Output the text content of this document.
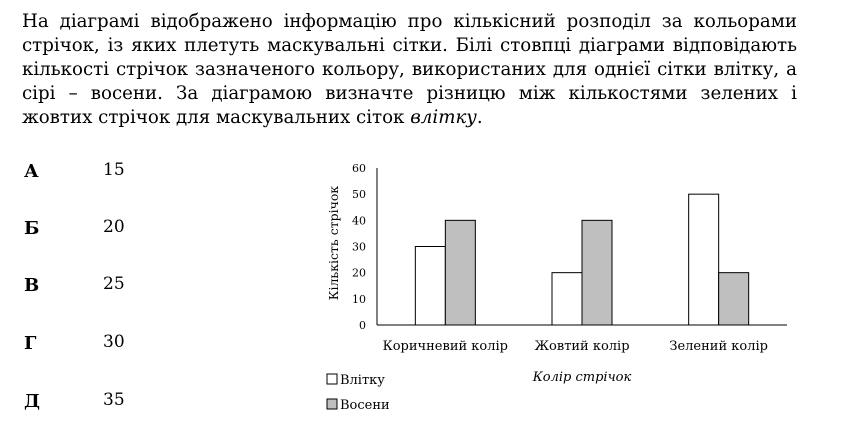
На діаграмі відображено інформацію про кількісний розподіл за кольорами стрічок, із яких плетуть маскувальні сітки. Білі стовпці діаграми відповідають кількості стрічок зазначеного кольору, використаних для однієї сітки влітку, а сірі – восени. За діаграмою визначте різницю між кількостями зелених і жовтих стрічок для маскувальних сіток влітку.
А	15
Б	20
В	25
Г	30
Д	35
0
10
20
30
40
50
60
Коричневий колір Жовтий колір	Зелений колір
Кількість стрічок
Колір стрічок
Влітку
Восени
